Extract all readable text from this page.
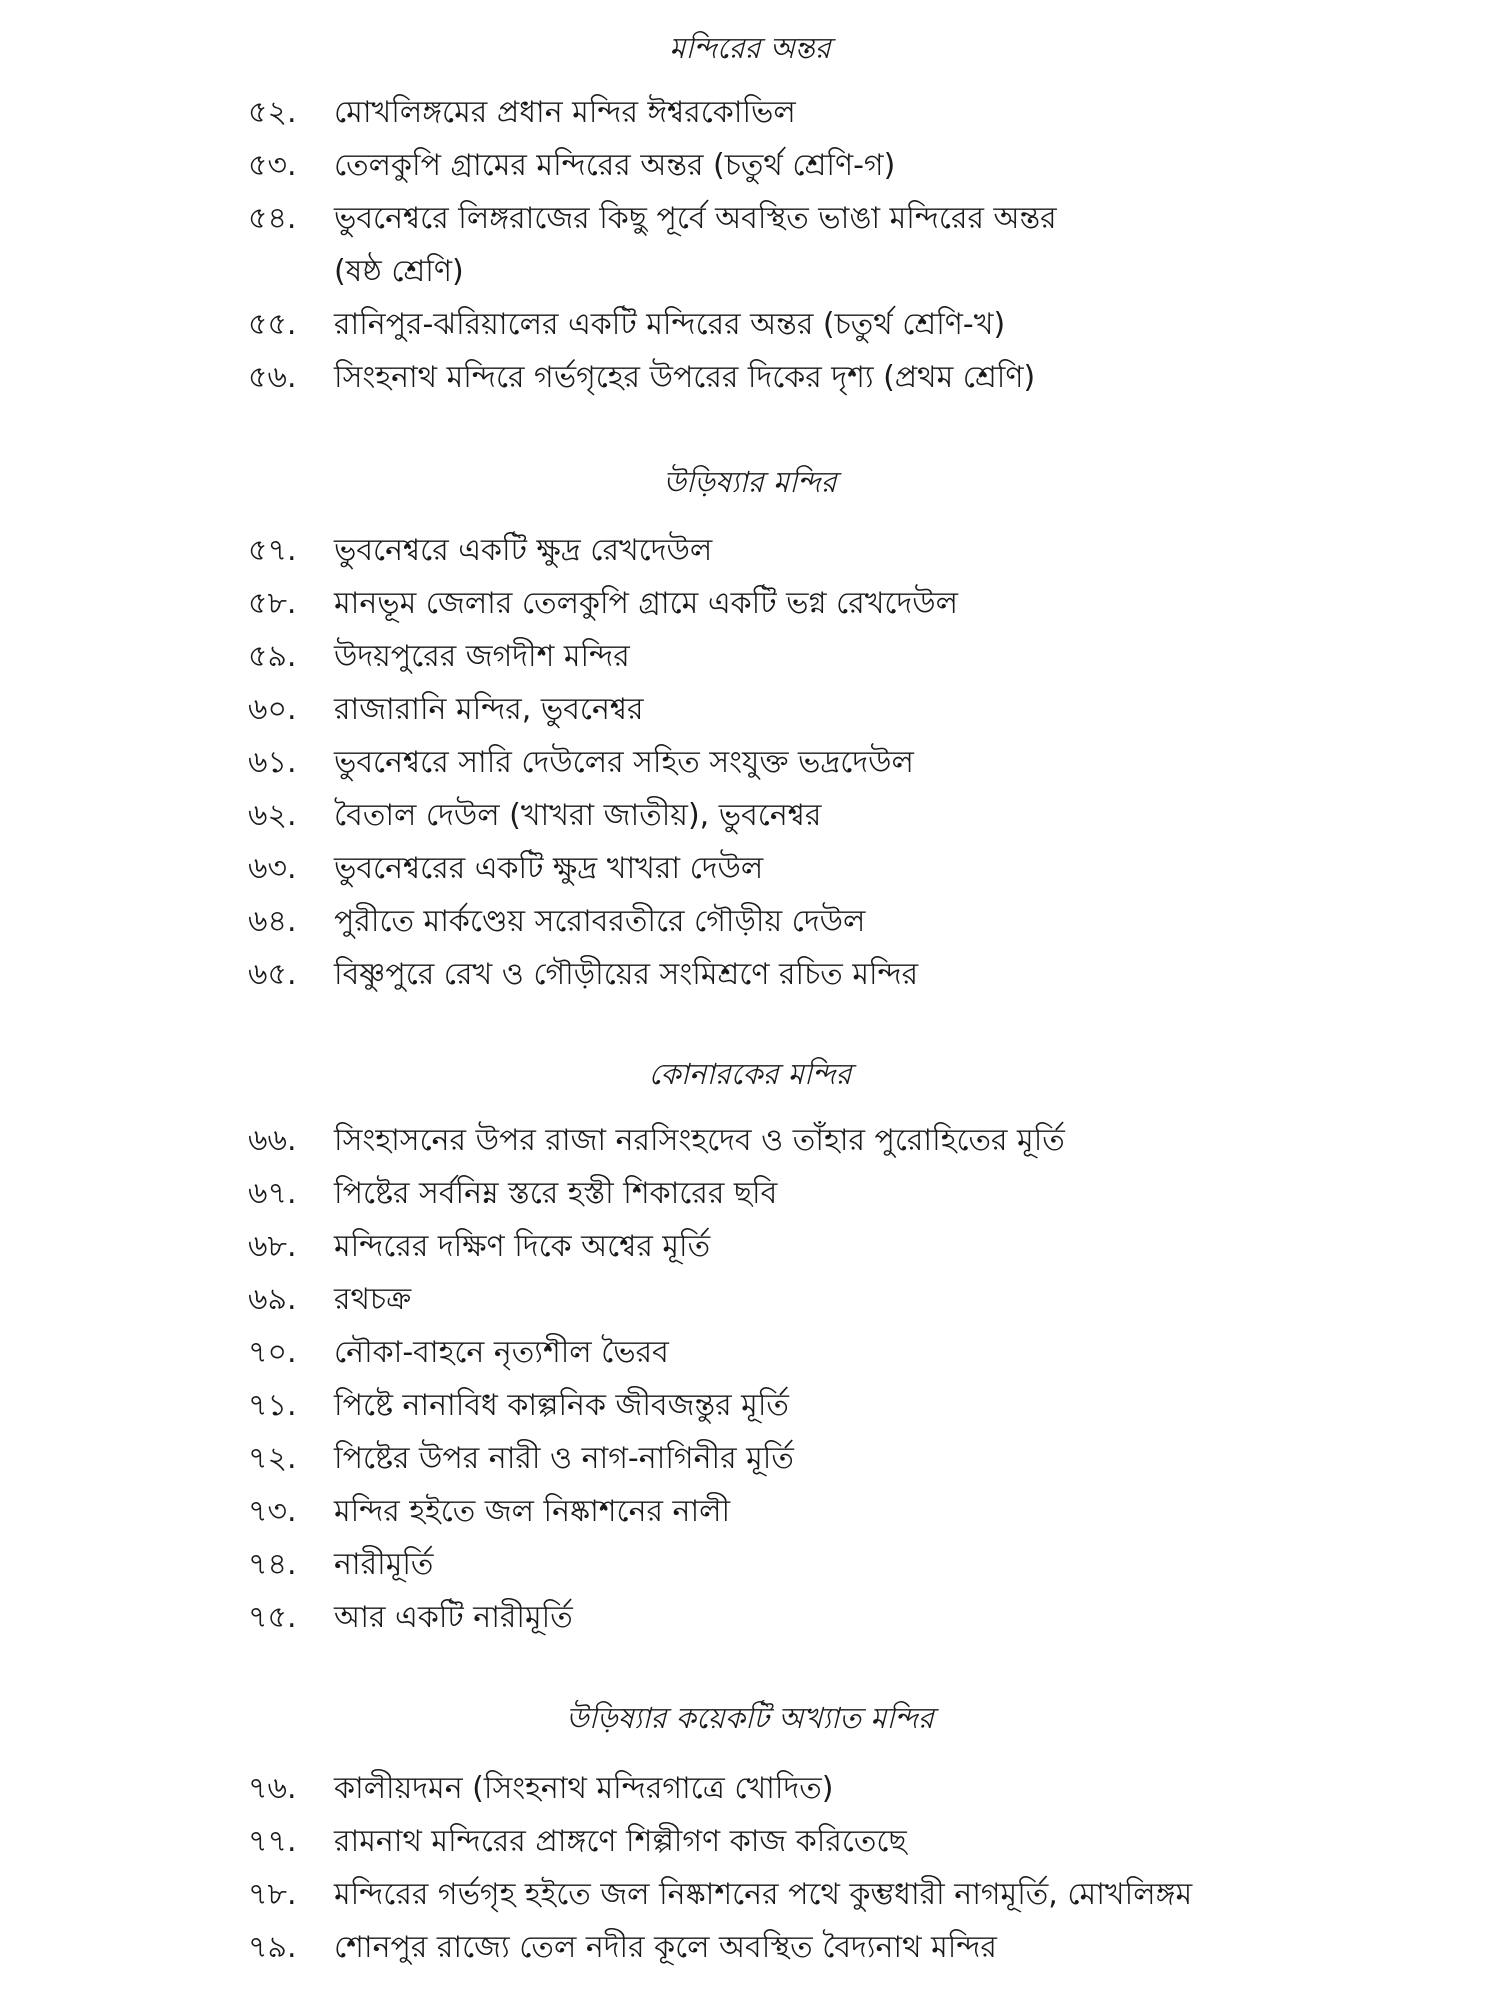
মন্দিরের অন্তর
৫২.	মোখলিঙ্গমের প্রধান মন্দির ঈশ্বরকোভিল
৫৩.	তেলকুপি গ্রামের মন্দিরের অন্তর (চতুর্থ শ্রেণি-গ)
৫৪.	ভুবনেশ্বরে লিঙ্গরাজের কিছু পূর্বে অবস্থিত ভাঙা মন্দিরের অন্তর
(ষষ্ঠ শ্রেণি)
৫৫.	রানিপুর-ঝরিয়ালের একটি মন্দিরের অন্তর (চতুর্থ শ্রেণি-খ)
৫৬.	সিংহনাথ মন্দিরে গর্ভগৃহের উপরের দিকের দৃশ্য (প্রথম শ্রেণি)
উড়িষ্যার মন্দির
৫৭.	ভুবনেশ্বরে একটি ক্ষুদ্র রেখদেউল
৫৮.	মানভূম জেলার তেলকুপি গ্রামে একটি ভগ্ন রেখদেউল
৫৯.	উদয়পুরের জগদীশ মন্দির
৬০.	রাজারানি মন্দির, ভুবনেশ্বর
৬১.	ভুবনেশ্বরে সারি দেউলের সহিত সংযুক্ত ভদ্রদেউল
৬২.	বৈতাল দেউল (খাখরা জাতীয়), ভুবনেশ্বর
৬৩.	ভুবনেশ্বরের একটি ক্ষুদ্র খাখরা দেউল
৬৪.	পুরীতে মার্কণ্ডেয় সরোবরতীরে গৌড়ীয় দেউল
৬৫.	বিষ্ণুপুরে রেখ ও গৌড়ীয়ের সংমিশ্রণে রচিত মন্দির
কোনারকের মন্দির
৬৬.	সিংহাসনের উপর রাজা নরসিংহদেব ও তাঁহার পুরোহিতের মূর্তি
৬৭.	পিষ্টের সর্বনিম্ন স্তরে হস্তী শিকারের ছবি
৬৮.	মন্দিরের দক্ষিণ দিকে অশ্বের মূর্তি
৬৯.	রথচক্র
৭০.	নৌকা-বাহনে নৃত্যশীল ভৈরব
৭১.	পিষ্টে নানাবিধ কাল্পনিক জীবজন্তুর মূর্তি
৭২.	পিষ্টের উপর নারী ও নাগ-নাগিনীর মূর্তি
৭৩.	মন্দির হইতে জল নিষ্কাশনের নালী
৭৪.	নারীমূর্তি
৭৫.	আর একটি নারীমূর্তি
উড়িষ্যার কয়েকটি অখ্যাত মন্দির
৭৬.	কালীয়দমন (সিংহনাথ মন্দিরগাত্রে খোদিত)
৭৭.	রামনাথ মন্দিরের প্রাঙ্গণে শিল্পীগণ কাজ করিতেছে
৭৮.	মন্দিরের গর্ভগৃহ হইতে জল নিষ্কাশনের পথে কুম্ভধারী নাগমূর্তি, মোখলিঙ্গম
৭৯.	শোনপুর রাজ্যে তেল নদীর কূলে অবস্থিত বৈদ্যনাথ মন্দির
